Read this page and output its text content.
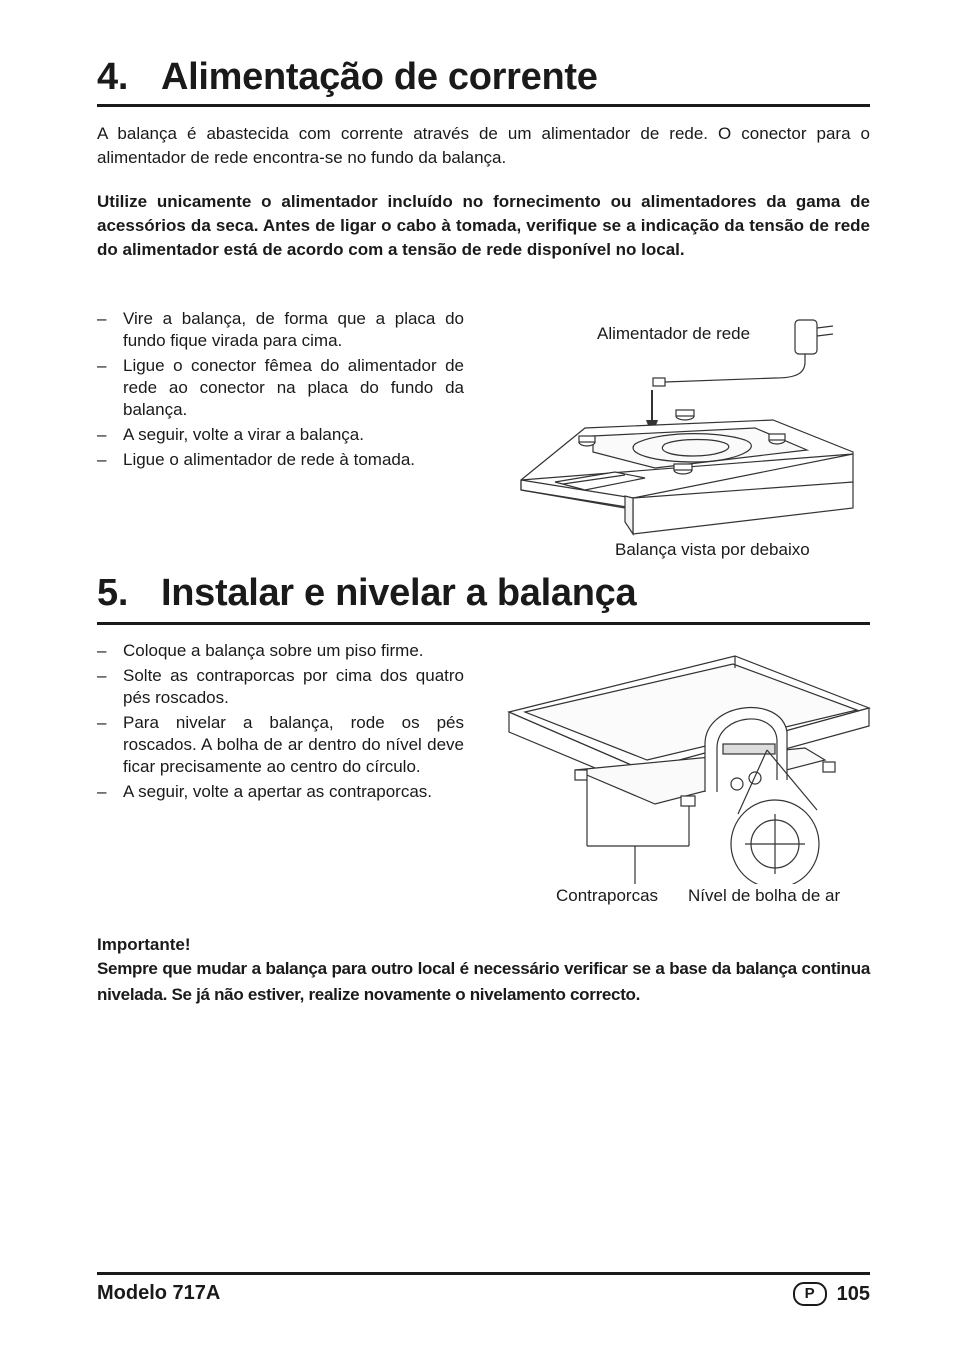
4. Alimentação de corrente

A balança é abastecida com corrente através de um alimentador de rede. O conector para o alimentador de rede encontra-se no fundo da balança.

Utilize unicamente o alimentador incluído no fornecimento ou alimentadores da gama de acessórios da seca. Antes de ligar o cabo à tomada, verifique se a indicação da tensão de rede do alimentador está de acordo com a tensão de rede disponível no local.

– Vire a balança, de forma que a placa do fundo fique virada para cima.
– Ligue o conector fêmea do alimentador de rede ao conector na placa do fundo da balança.
– A seguir, volte a virar a balança.
– Ligue o alimentador de rede à tomada.
Alimentador de rede
Balança vista por debaixo
5. Instalar e nivelar a balança
– Coloque a balança sobre um piso firme.
– Solte as contraporcas por cima dos quatro pés roscados.
– Para nivelar a balança, rode os pés roscados. A bolha de ar dentro do nível deve ficar precisamente ao centro do círculo.
– A seguir, volte a apertar as contraporcas.
Contraporcas Nível de bolha de ar

Importante!

Sempre que mudar a balança para outro local é necessário verificar se a base da balança continua nivelada. Se já não estiver, realize novamente o nivelamento correcto.

Modelo 717A	P	105
